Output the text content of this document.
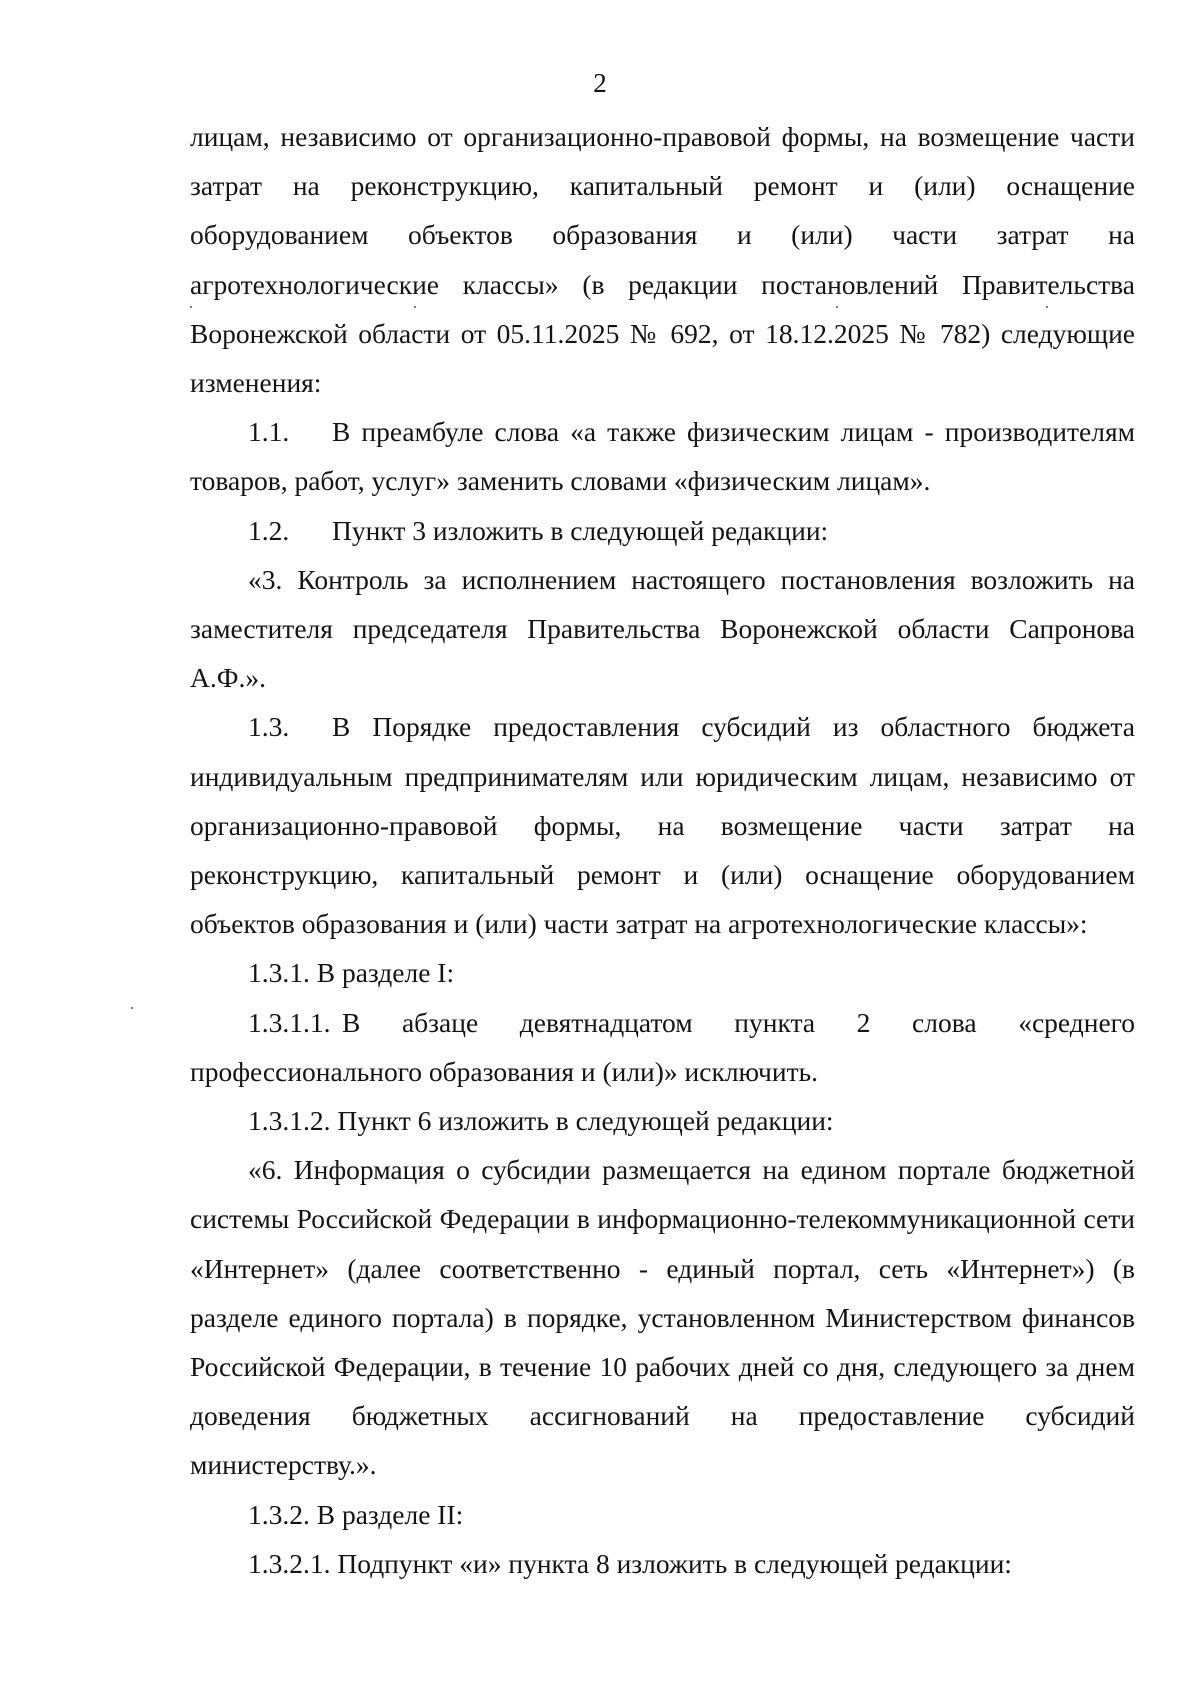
2

лицам, независимо от организационно-правовой формы, на возмещение части затрат на реконструкцию, капитальный ремонт и (или) оснащение оборудованием объектов образования и (или) части затрат на агротехнологические классы» (в редакции постановлений Правительства Воронежской области от 05.11.2025 № 692, от 18.12.2025 № 782) следующие изменения:

1.1. В преамбуле слова «а также физическим лицам - производителям товаров, работ, услуг» заменить словами «физическим лицам».

1.2. Пункт 3 изложить в следующей редакции:

«3. Контроль за исполнением настоящего постановления возложить на заместителя председателя Правительства Воронежской области Сапронова А.Ф.».

1.3. В Порядке предоставления субсидий из областного бюджета индивидуальным предпринимателям или юридическим лицам, независимо от организационно-правовой формы, на возмещение части затрат на реконструкцию, капитальный ремонт и (или) оснащение оборудованием объектов образования и (или) части затрат на агротехнологические классы»:

1.3.1. В разделе I:

1.3.1.1. В абзаце девятнадцатом пункта 2 слова «среднего профессионального образования и (или)» исключить.

1.3.1.2. Пункт 6 изложить в следующей редакции:

«6. Информация о субсидии размещается на едином портале бюджетной системы Российской Федерации в информационно-телекоммуникационной сети «Интернет» (далее соответственно - единый портал, сеть «Интернет») (в разделе единого портала) в порядке, установленном Министерством финансов Российской Федерации, в течение 10 рабочих дней со дня, следующего за днем доведения бюджетных ассигнований на предоставление субсидий министерству.».

1.3.2. В разделе II:

1.3.2.1. Подпункт «и» пункта 8 изложить в следующей редакции:
